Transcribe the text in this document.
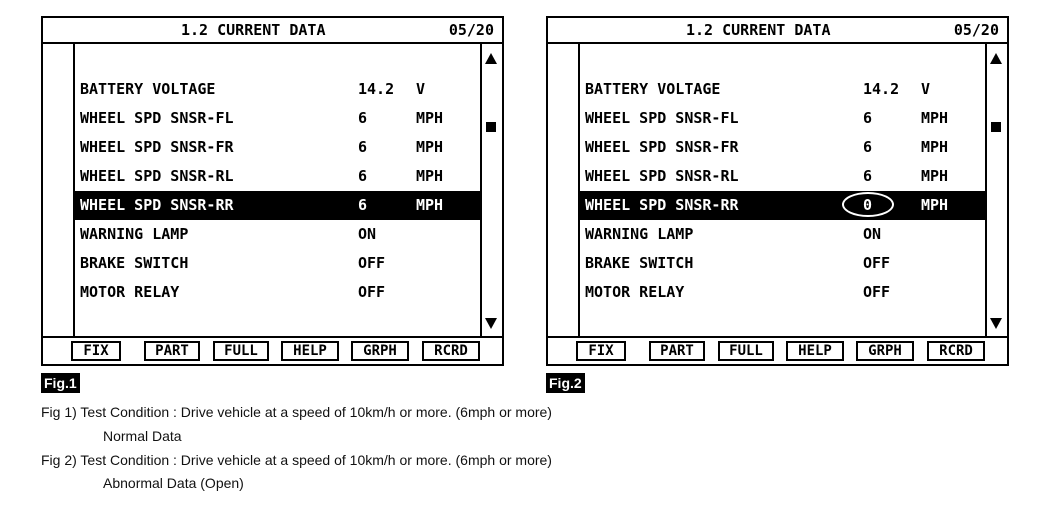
1.2 CURRENT DATA	05/20
BATTERY VOLTAGE	14.2 V
WHEEL SPD SNSR-FL	6	MPH
WHEEL SPD SNSR-FR	6	MPH
WHEEL SPD SNSR-RL	6	MPH
WHEEL SPD SNSR-RR	6	MPH
WARNING LAMP	ON
BRAKE SWITCH	OFF
MOTOR RELAY	OFF
FIX	PART	FULL	HELP	GRPH	RCRD
1.2 CURRENT DATA	05/20
BATTERY VOLTAGE	14.2 V
WHEEL SPD SNSR-FL	6	MPH
WHEEL SPD SNSR-FR	6	MPH
WHEEL SPD SNSR-RL	6	MPH
WHEEL SPD SNSR-RR	0	MPH
WARNING LAMP	ON
BRAKE SWITCH	OFF
MOTOR RELAY	OFF
FIX	PART	FULL	HELP	GRPH	RCRD
Fig.1	Fig.2
Fig 1) Test Condition : Drive vehicle at a speed of 10km/h or more. (6mph or more)
Normal Data
Fig 2) Test Condition : Drive vehicle at a speed of 10km/h or more. (6mph or more)
Abnormal Data (Open)
